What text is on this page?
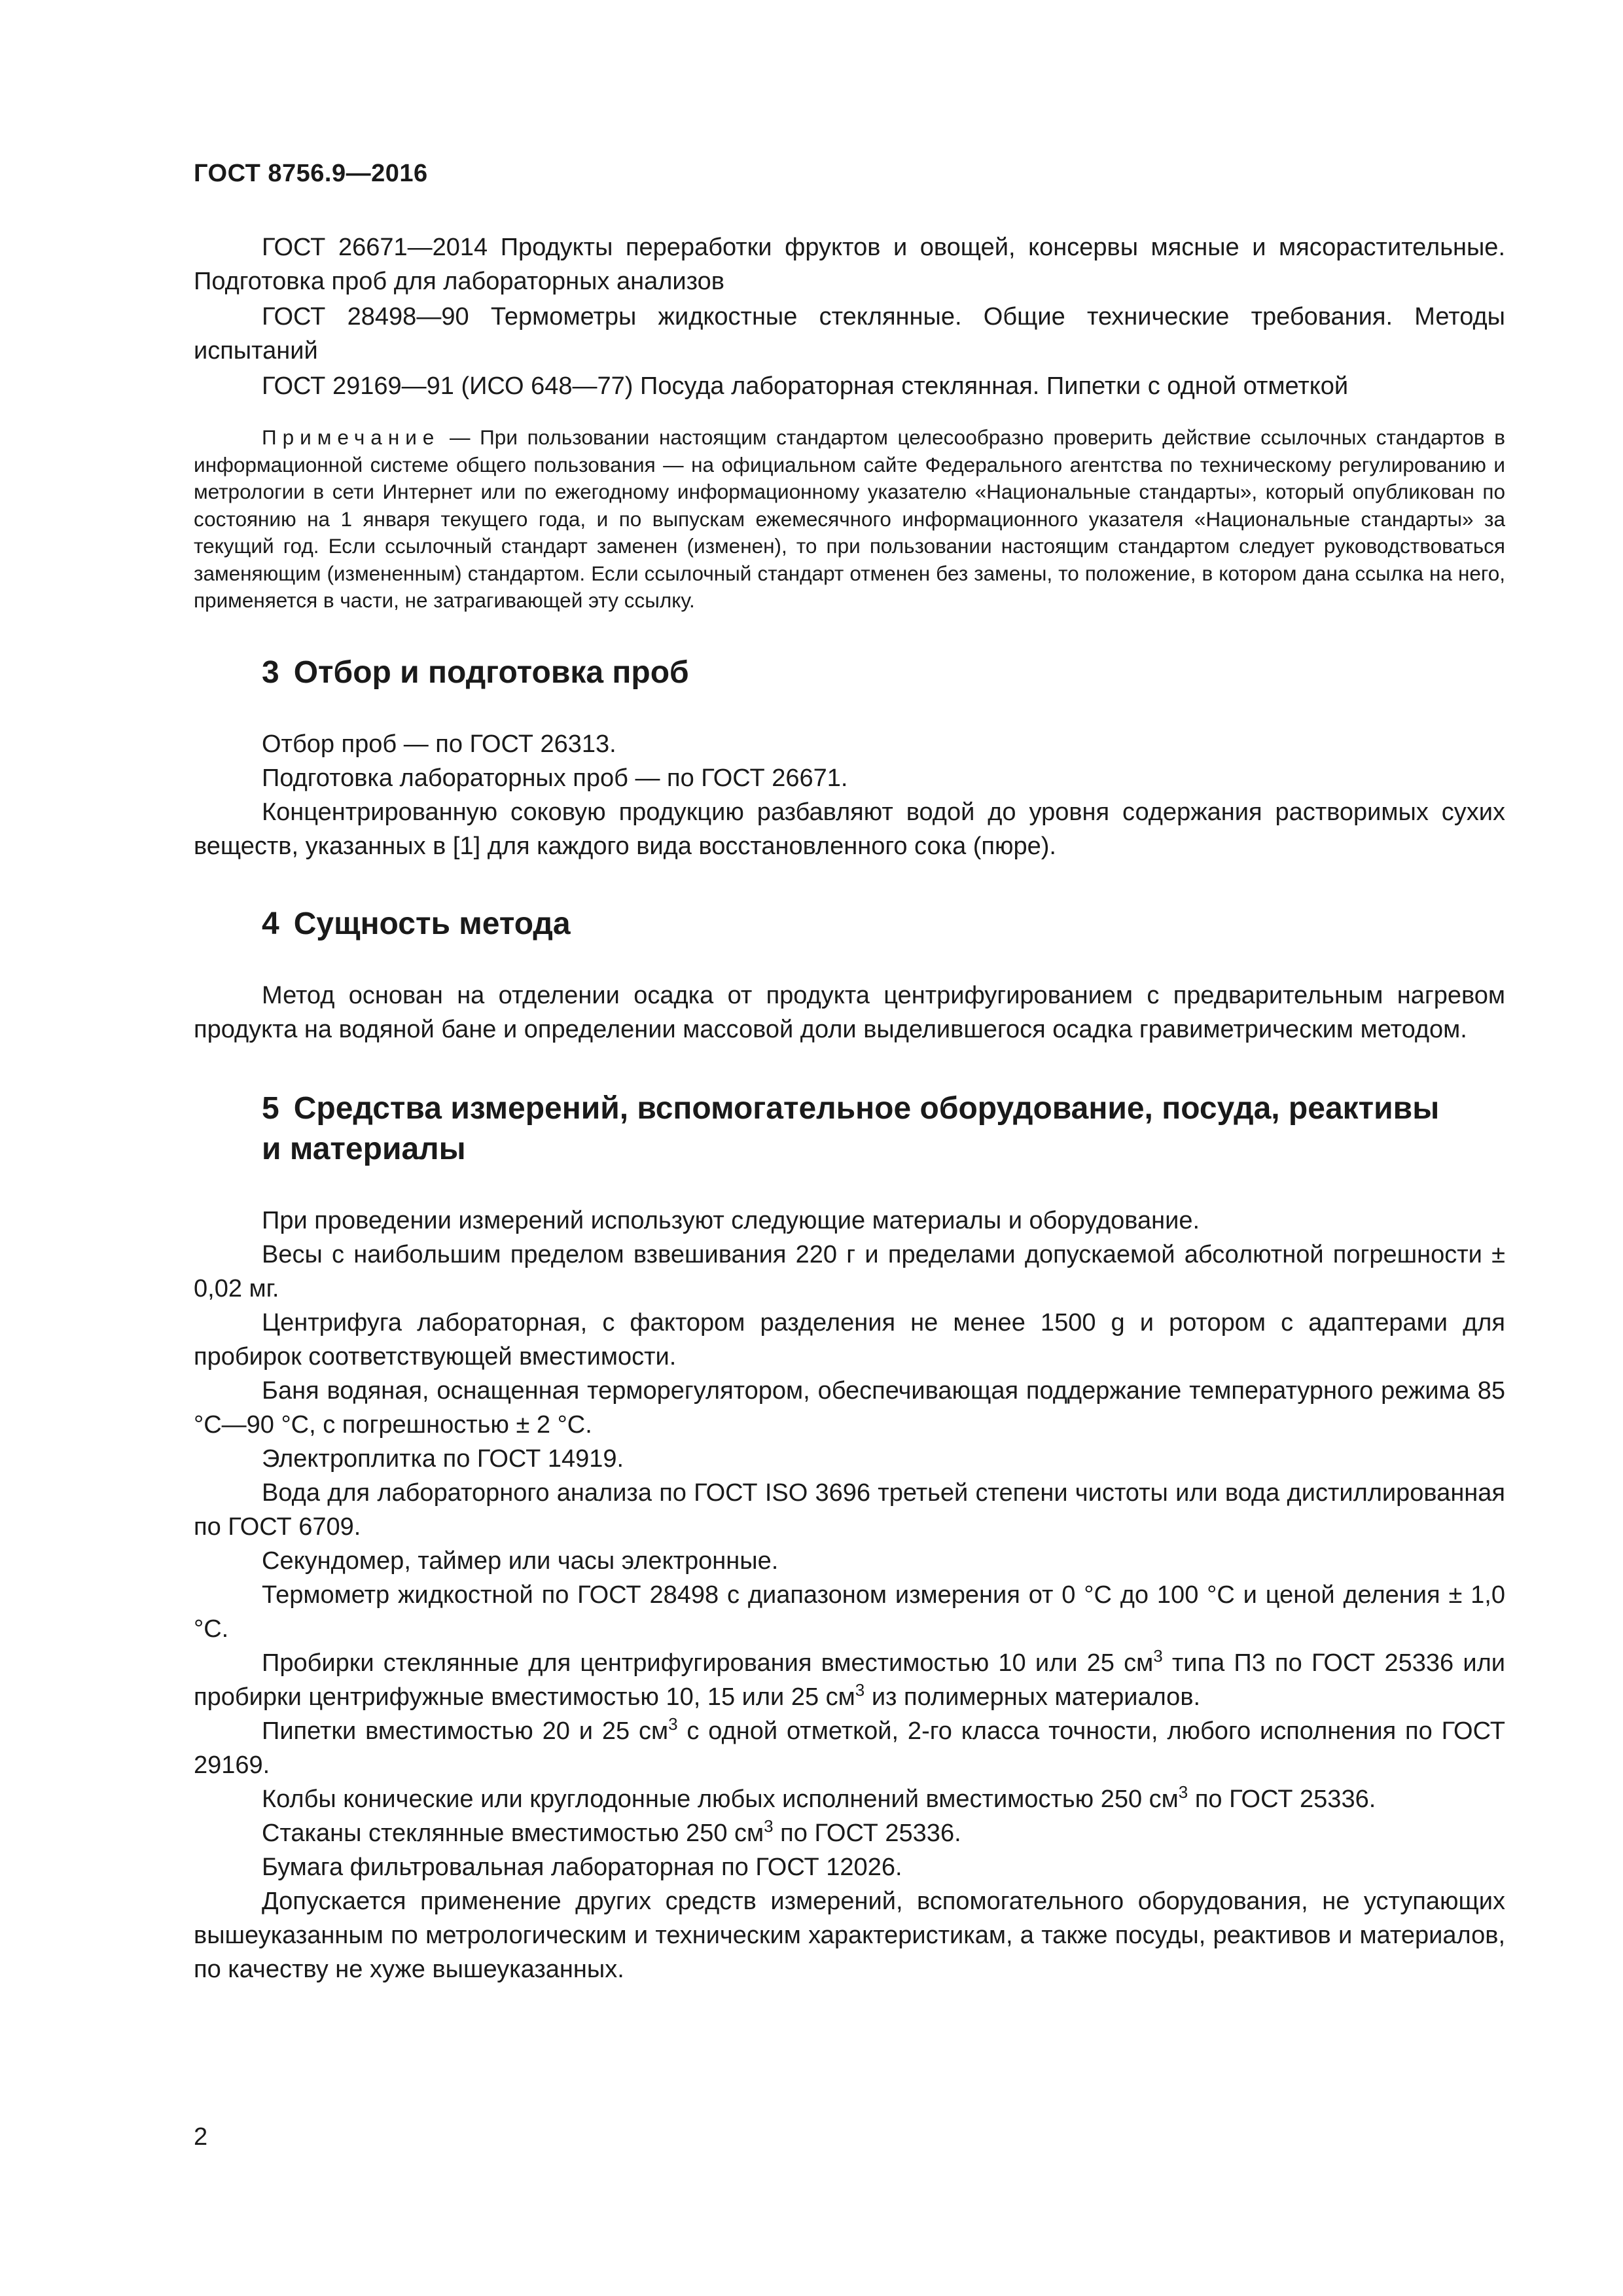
ГОСТ 8756.9—2016

ГОСТ 26671—2014 Продукты переработки фруктов и овощей, консервы мясные и мясорастительные. Подготовка проб для лабораторных анализов

ГОСТ 28498—90 Термометры жидкостные стеклянные. Общие технические требования. Методы испытаний

ГОСТ 29169—91 (ИСО 648—77) Посуда лабораторная стеклянная. Пипетки с одной отметкой

Примечание — При пользовании настоящим стандартом целесообразно проверить действие ссылочных стандартов в информационной системе общего пользования — на официальном сайте Федерального агентства по техническому регулированию и метрологии в сети Интернет или по ежегодному информационному указателю «Национальные стандарты», который опубликован по состоянию на 1 января текущего года, и по выпускам ежемесячного информационного указателя «Национальные стандарты» за текущий год. Если ссылочный стандарт заменен (изменен), то при пользовании настоящим стандартом следует руководствоваться заменяющим (измененным) стандартом. Если ссылочный стандарт отменен без замены, то положение, в котором дана ссылка на него, применяется в части, не затрагивающей эту ссылку.

3 Отбор и подготовка проб

Отбор проб — по ГОСТ 26313.

Подготовка лабораторных проб — по ГОСТ 26671.

Концентрированную соковую продукцию разбавляют водой до уровня содержания растворимых сухих веществ, указанных в [1] для каждого вида восстановленного сока (пюре).

4 Сущность метода

Метод основан на отделении осадка от продукта центрифугированием с предварительным нагревом продукта на водяной бане и определении массовой доли выделившегося осадка гравиметрическим методом.

5 Средства измерений, вспомогательное оборудование, посуда, реактивы
и материалы

При проведении измерений используют следующие материалы и оборудование.

Весы с наибольшим пределом взвешивания 220 г и пределами допускаемой абсолютной погрешности ± 0,02 мг.

Центрифуга лабораторная, с фактором разделения не менее 1500 g и ротором с адаптерами для пробирок соответствующей вместимости.

Баня водяная, оснащенная терморегулятором, обеспечивающая поддержание температурного режима 85 °С—90 °С, с погрешностью ± 2 °С.

Электроплитка по ГОСТ 14919.

Вода для лабораторного анализа по ГОСТ ISO 3696 третьей степени чистоты или вода дистиллированная по ГОСТ 6709.

Секундомер, таймер или часы электронные.

Термометр жидкостной по ГОСТ 28498 с диапазоном измерения от 0 °С до 100 °С и ценой деления ± 1,0 °С.

Пробирки стеклянные для центрифугирования вместимостью 10 или 25 $см^3$ типа П3 по ГОСТ 25336 или пробирки центрифужные вместимостью 10, 15 или 25 $см^3$ из полимерных материалов.

Пипетки вместимостью 20 и 25 $см^3$ с одной отметкой, 2-го класса точности, любого исполнения по ГОСТ 29169.

Колбы конические или круглодонные любых исполнений вместимостью 250 $см^3$ по ГОСТ 25336.

Стаканы стеклянные вместимостью 250 $см^3$ по ГОСТ 25336.

Бумага фильтровальная лабораторная по ГОСТ 12026.

Допускается применение других средств измерений, вспомогательного оборудования, не уступающих вышеуказанным по метрологическим и техническим характеристикам, а также посуды, реактивов и материалов, по качеству не хуже вышеуказанных.

2
